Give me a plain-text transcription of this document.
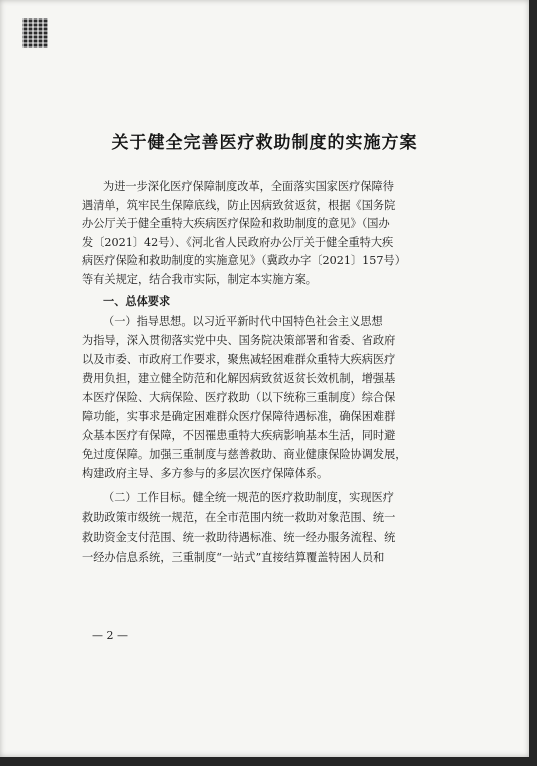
关于健全完善医疗救助制度的实施方案
为进一步深化医疗保障制度改革，全面落实国家医疗保障待
遇清单，筑牢民生保障底线，防止因病致贫返贫，根据《国务院
办公厅关于健全重特大疾病医疗保险和救助制度的意见》（国办
发〔2021〕42号）、《河北省人民政府办公厅关于健全重特大疾
病医疗保险和救助制度的实施意见》（冀政办字〔2021〕157号）
等有关规定，结合我市实际，制定本实施方案。
一、总体要求
（一）指导思想。以习近平新时代中国特色社会主义思想
为指导，深入贯彻落实党中央、国务院决策部署和省委、省政府
以及市委、市政府工作要求，聚焦减轻困难群众重特大疾病医疗
费用负担，建立健全防范和化解因病致贫返贫长效机制，增强基
本医疗保险、大病保险、医疗救助（以下统称三重制度）综合保
障功能，实事求是确定困难群众医疗保障待遇标准，确保困难群
众基本医疗有保障，不因罹患重特大疾病影响基本生活，同时避
免过度保障。加强三重制度与慈善救助、商业健康保险协调发展，
构建政府主导、多方参与的多层次医疗保障体系。
（二）工作目标。健全统一规范的医疗救助制度，实现医疗
救助政策市级统一规范，在全市范围内统一救助对象范围、统一
救助资金支付范围、统一救助待遇标准、统一经办服务流程、统
一经办信息系统，三重制度“一站式”直接结算覆盖特困人员和
— 2 —
